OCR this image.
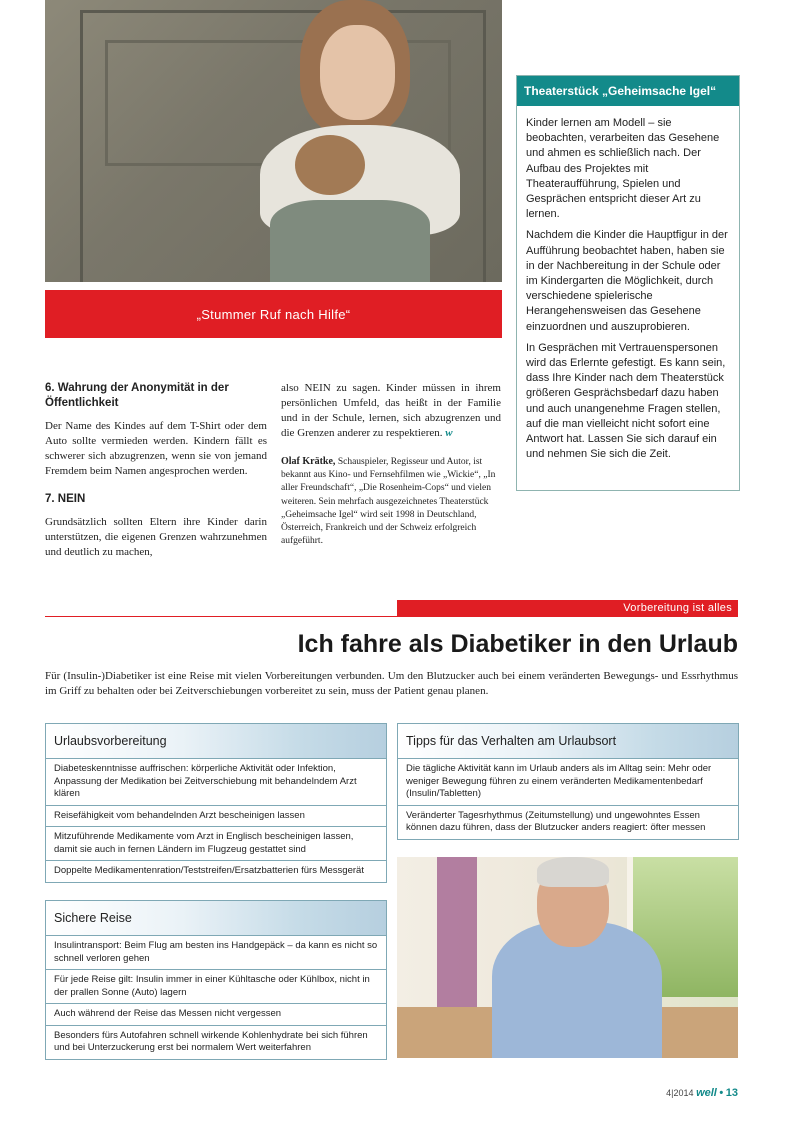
„Stummer Ruf nach Hilfe“
Theaterstück „Geheimsache Igel“

Kinder lernen am Modell – sie beobachten, verarbeiten das Gesehene und ahmen es schließlich nach. Der Aufbau des Projektes mit Theateraufführung, Spielen und Gesprächen entspricht dieser Art zu lernen.

Nachdem die Kinder die Hauptfigur in der Aufführung beobachtet haben, haben sie in der Nachbereitung in der Schule oder im Kindergarten die Möglichkeit, durch verschiedene spielerische Herangehensweisen das Gesehene einzuordnen und auszuprobieren.

In Gesprächen mit Vertrauenspersonen wird das Erlernte gefestigt. Es kann sein, dass Ihre Kinder nach dem Theaterstück größeren Gesprächsbedarf dazu haben und auch unangenehme Fragen stellen, auf die man vielleicht nicht sofort eine Antwort hat. Lassen Sie sich darauf ein und nehmen Sie sich die Zeit.

6. Wahrung der Anonymität in der Öffentlichkeit

Der Name des Kindes auf dem T-Shirt oder dem Auto sollte vermieden werden. Kindern fällt es schwerer sich abzugrenzen, wenn sie von jemand Fremdem beim Namen angesprochen werden.

7. NEIN

Grundsätzlich sollten Eltern ihre Kinder darin unterstützen, die eigenen Grenzen wahrzunehmen und deutlich zu machen,

also NEIN zu sagen. Kinder müssen in ihrem persönlichen Umfeld, das heißt in der Familie und in der Schule, lernen, sich abzugrenzen und die Grenzen anderer zu respektieren. w

Olaf Krätke, Schauspieler, Regisseur und Autor, ist bekannt aus Kino- und Fernsehfilmen wie „Wickie“, „In aller Freundschaft“, „Die Rosenheim-Cops“ und vielen weiteren. Sein mehrfach ausgezeichnetes Theaterstück „Geheimsache Igel“ wird seit 1998 in Deutschland, Österreich, Frankreich und der Schweiz erfolgreich aufgeführt.

Vorbereitung ist alles
Ich fahre als Diabetiker in den Urlaub
Für (Insulin-)Diabetiker ist eine Reise mit vielen Vorbereitungen verbunden. Um den Blutzucker auch bei einem veränderten Bewegungs- und Essrhythmus im Griff zu behalten oder bei Zeitverschiebungen vorbereitet zu sein, muss der Patient genau planen.
Urlaubsvorbereitung
Diabeteskenntnisse auffrischen: körperliche Aktivität oder Infektion, Anpassung der Medikation bei Zeitverschiebung mit behandelndem Arzt klären
Reisefähigkeit vom behandelnden Arzt bescheinigen lassen
Mitzuführende Medikamente vom Arzt in Englisch bescheinigen lassen, damit sie auch in fernen Ländern im Flugzeug gestattet sind
Doppelte Medikamentenration/Teststreifen/Ersatzbatterien fürs Messgerät
Sichere Reise
Insulintransport: Beim Flug am besten ins Handgepäck – da kann es nicht so schnell verloren gehen
Für jede Reise gilt: Insulin immer in einer Kühltasche oder Kühlbox, nicht in der prallen Sonne (Auto) lagern
Auch während der Reise das Messen nicht vergessen
Besonders fürs Autofahren schnell wirkende Kohlenhydrate bei sich führen und bei Unterzuckerung erst bei normalem Wert weiterfahren
Tipps für das Verhalten am Urlaubsort
Die tägliche Aktivität kann im Urlaub anders als im Alltag sein: Mehr oder weniger Bewegung führen zu einem veränderten Medikamentenbedarf (Insulin/Tabletten)
Veränderter Tagesrhythmus (Zeitumstellung) und ungewohntes Essen können dazu führen, dass der Blutzucker anders reagiert: öfter messen
4|2014 well • 13
